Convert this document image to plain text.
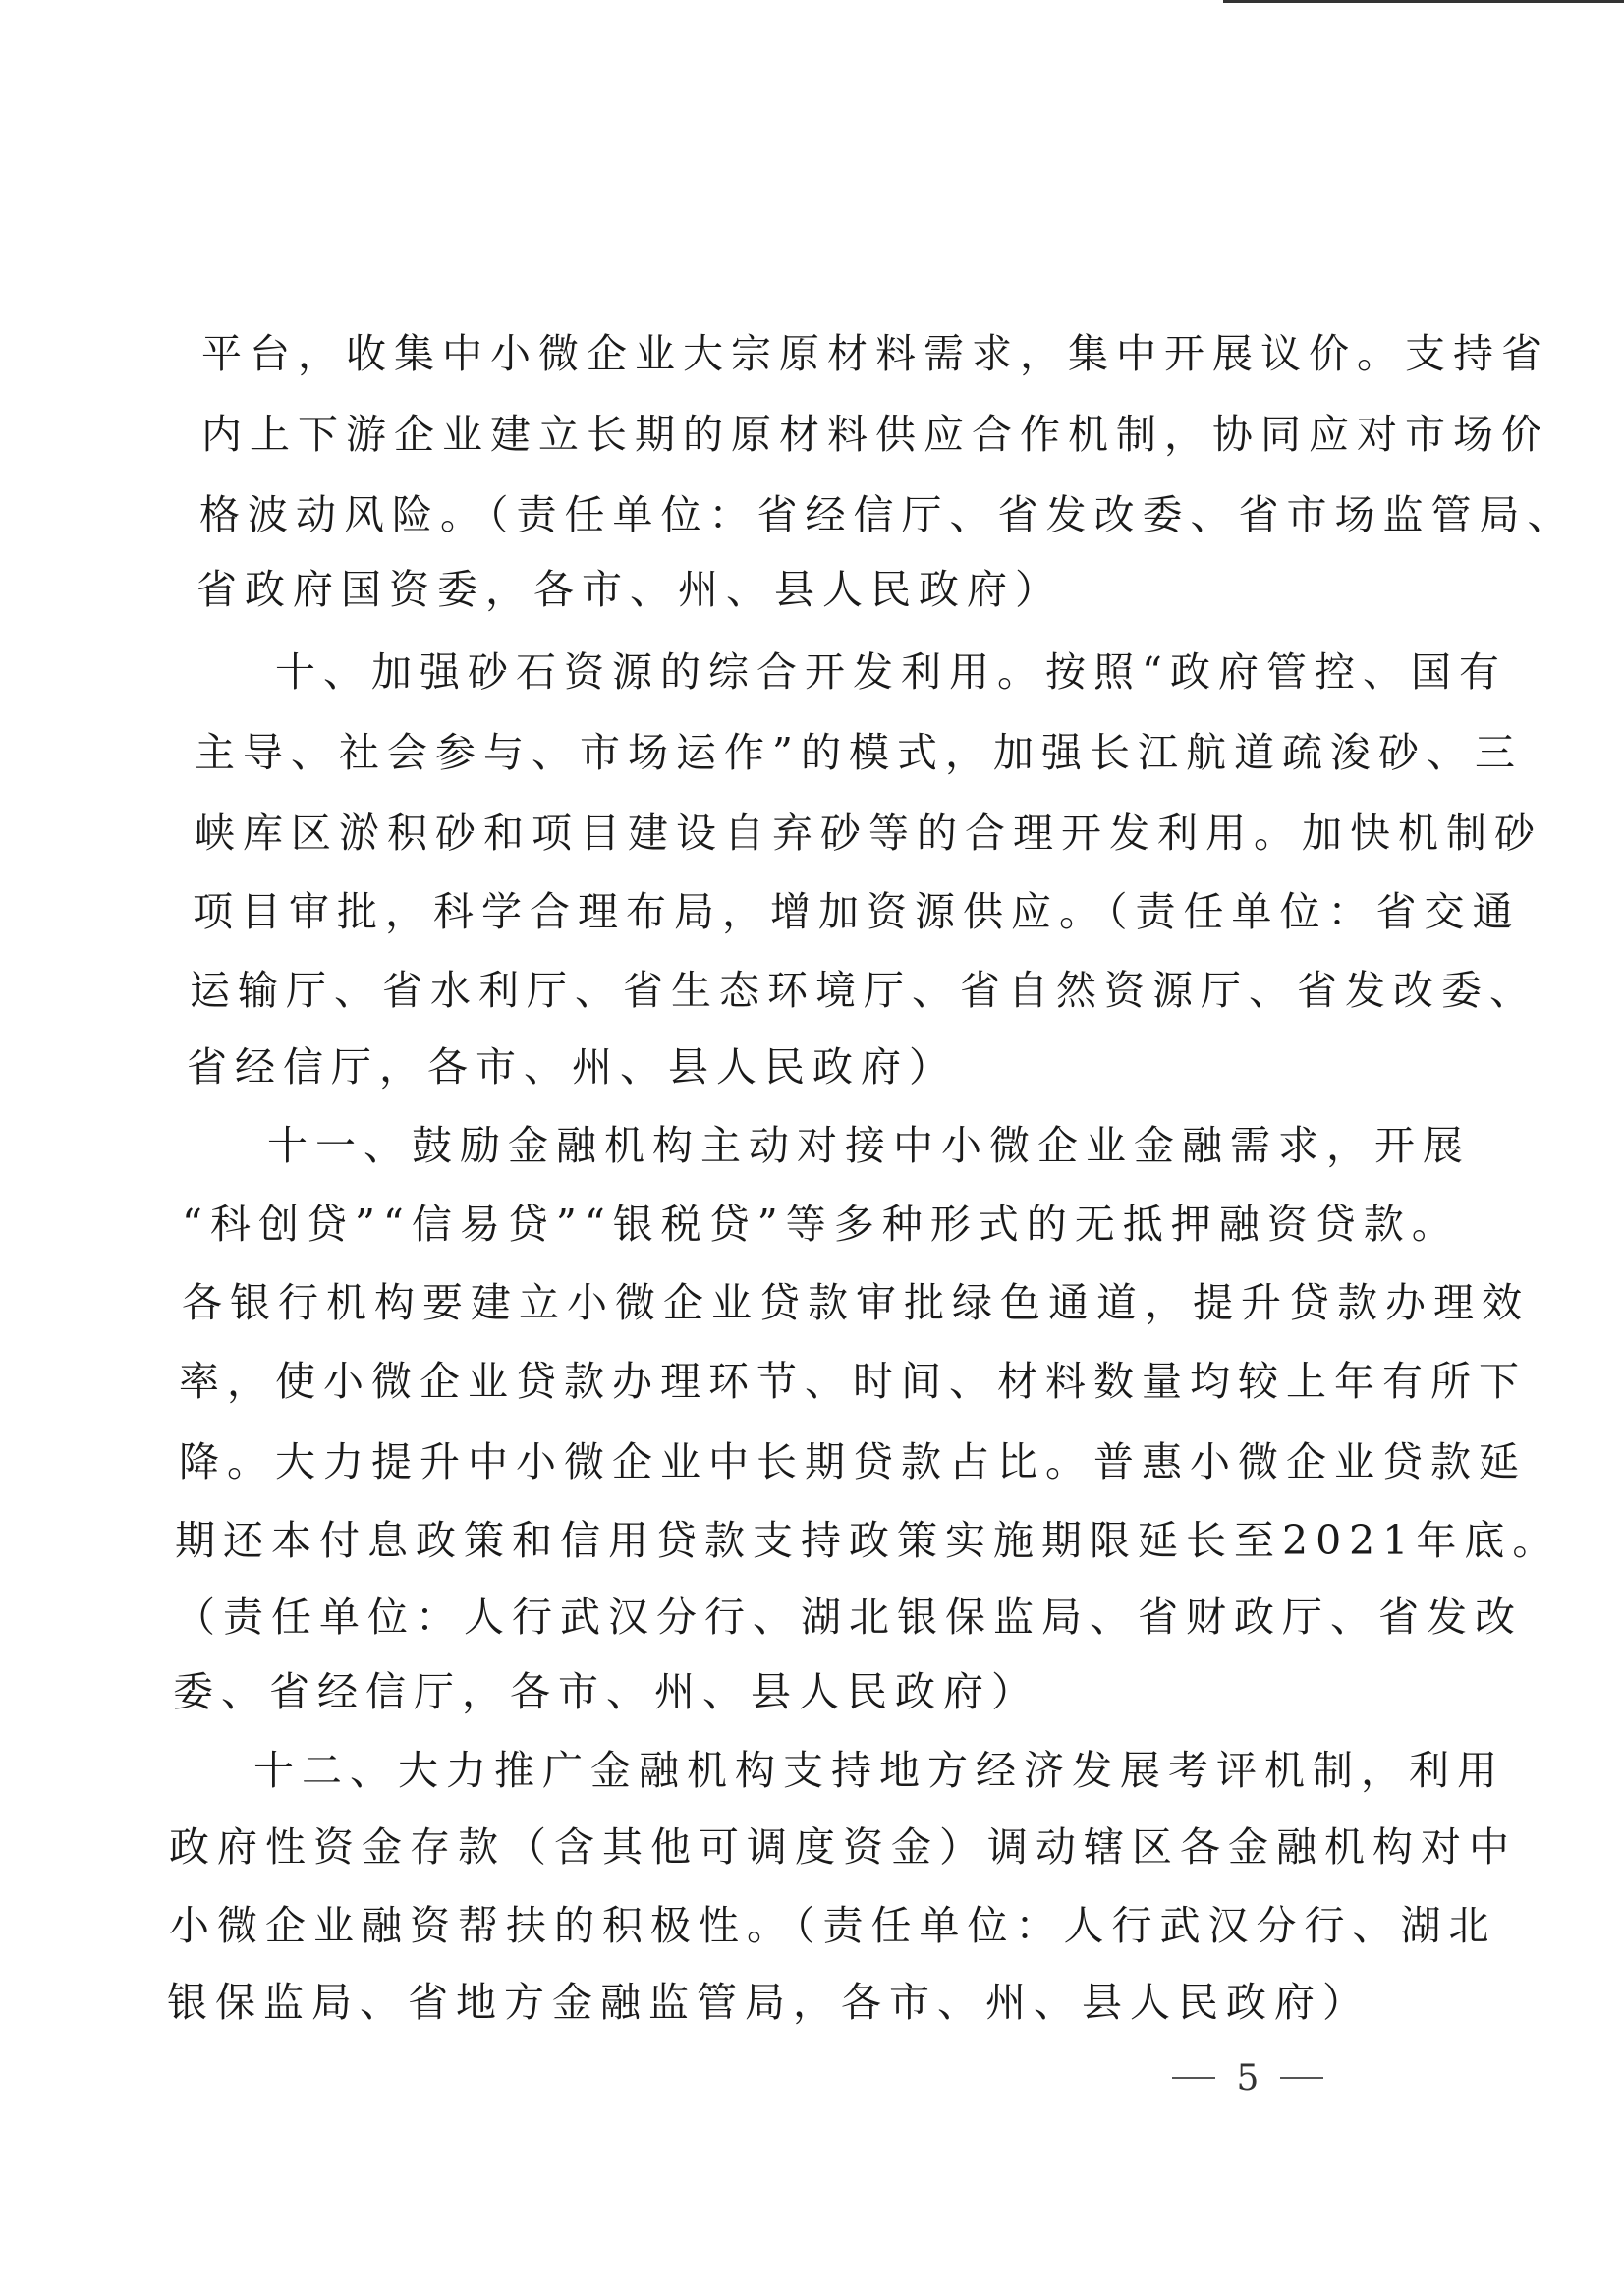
平台，收集中小微企业大宗原材料需求，集中开展议价。支持省
内上下游企业建立长期的原材料供应合作机制，协同应对市场价
格波动风险。（责任单位：省经信厅、省发改委、省市场监管局、
省政府国资委，各市、州、县人民政府）
十、加强砂石资源的综合开发利用。按照“政府管控、国有
主导、社会参与、市场运作”的模式，加强长江航道疏浚砂、三
峡库区淤积砂和项目建设自弃砂等的合理开发利用。加快机制砂
项目审批，科学合理布局，增加资源供应。（责任单位：省交通
运输厅、省水利厅、省生态环境厅、省自然资源厅、省发改委、
省经信厅，各市、州、县人民政府）
十一、鼓励金融机构主动对接中小微企业金融需求，开展
“科创贷”“信易贷”“银税贷”等多种形式的无抵押融资贷款。
各银行机构要建立小微企业贷款审批绿色通道，提升贷款办理效
率，使小微企业贷款办理环节、时间、材料数量均较上年有所下
降。大力提升中小微企业中长期贷款占比。普惠小微企业贷款延
期还本付息政策和信用贷款支持政策实施期限延长至2021年底。
（责任单位：人行武汉分行、湖北银保监局、省财政厅、省发改
委、省经信厅，各市、州、县人民政府）
十二、大力推广金融机构支持地方经济发展考评机制，利用
政府性资金存款（含其他可调度资金）调动辖区各金融机构对中
小微企业融资帮扶的积极性。（责任单位：人行武汉分行、湖北
银保监局、省地方金融监管局，各市、州、县人民政府）
5
